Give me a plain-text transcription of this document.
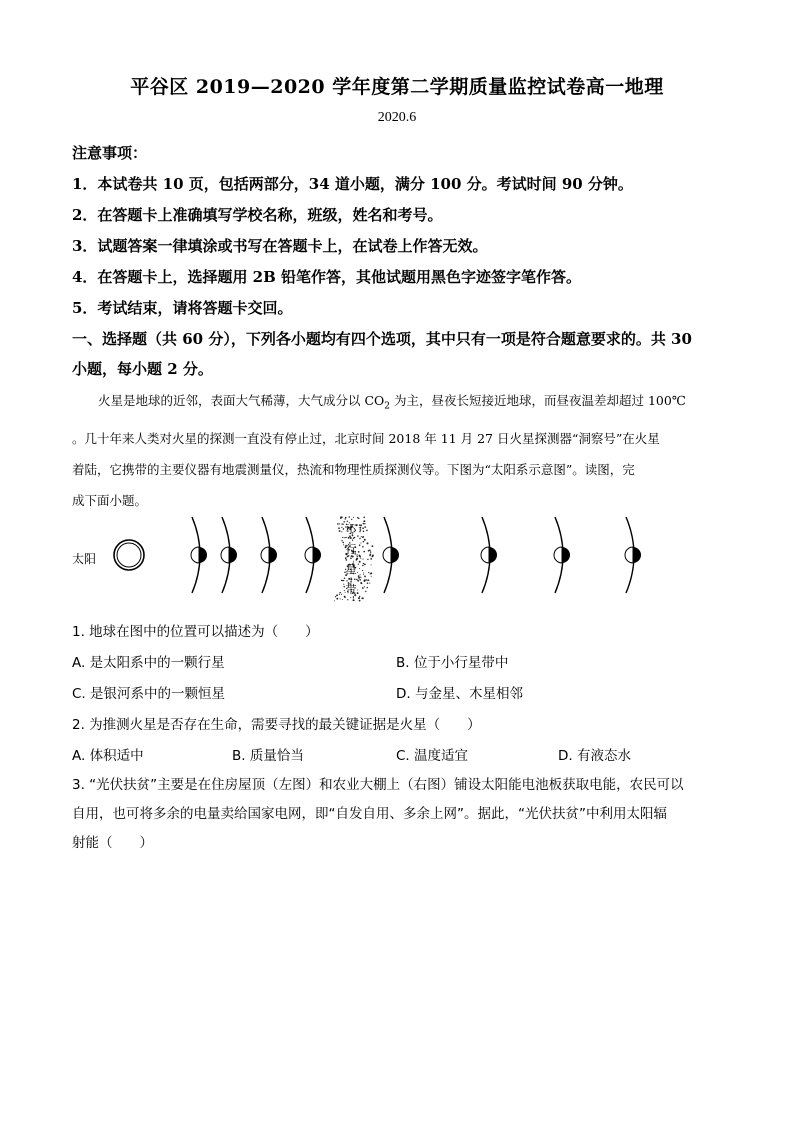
平谷区 2019—2020 学年度第二学期质量监控试卷高一地理
2020.6
注意事项：
1．本试卷共 10 页，包括两部分，34 道小题，满分 100 分。考试时间 90 分钟。
2．在答题卡上准确填写学校名称，班级，姓名和考号。
3．试题答案一律填涂或书写在答题卡上，在试卷上作答无效。
4．在答题卡上，选择题用 2B 铅笔作答，其他试题用黑色字迹签字笔作答。
5．考试结束，请将答题卡交回。
一、选择题（共 60 分），下列各小题均有四个选项，其中只有一项是符合题意要求的。共 30
小题，每小题 2 分。
火星是地球的近邻，表面大气稀薄，大气成分以 $CO_2$ 为主，昼夜长短接近地球，而昼夜温差却超过 100℃
。几十年来人类对火星的探测一直没有停止过，北京时间 2018 年 11 月 27 日火星探测器“洞察号”在火星
着陆，它携带的主要仪器有地震测量仪，热流和物理性质探测仪等。下图为“太阳系示意图”。读图，完
成下面小题。
太阳
小
行
星
带
1. 地球在图中的位置可以描述为（　　）
A. 是太阳系中的一颗行星	B. 位于小行星带中
C. 是银河系中的一颗恒星	D. 与金星、木星相邻
2. 为推测火星是否存在生命，需要寻找的最关键证据是火星（　　）
A. 体积适中	B. 质量恰当	C. 温度适宜	D. 有液态水
3. “光伏扶贫”主要是在住房屋顶（左图）和农业大棚上（右图）铺设太阳能电池板获取电能，农民可以
自用，也可将多余的电量卖给国家电网，即“自发自用、多余上网”。据此，“光伏扶贫”中利用太阳辐
射能（　　）
